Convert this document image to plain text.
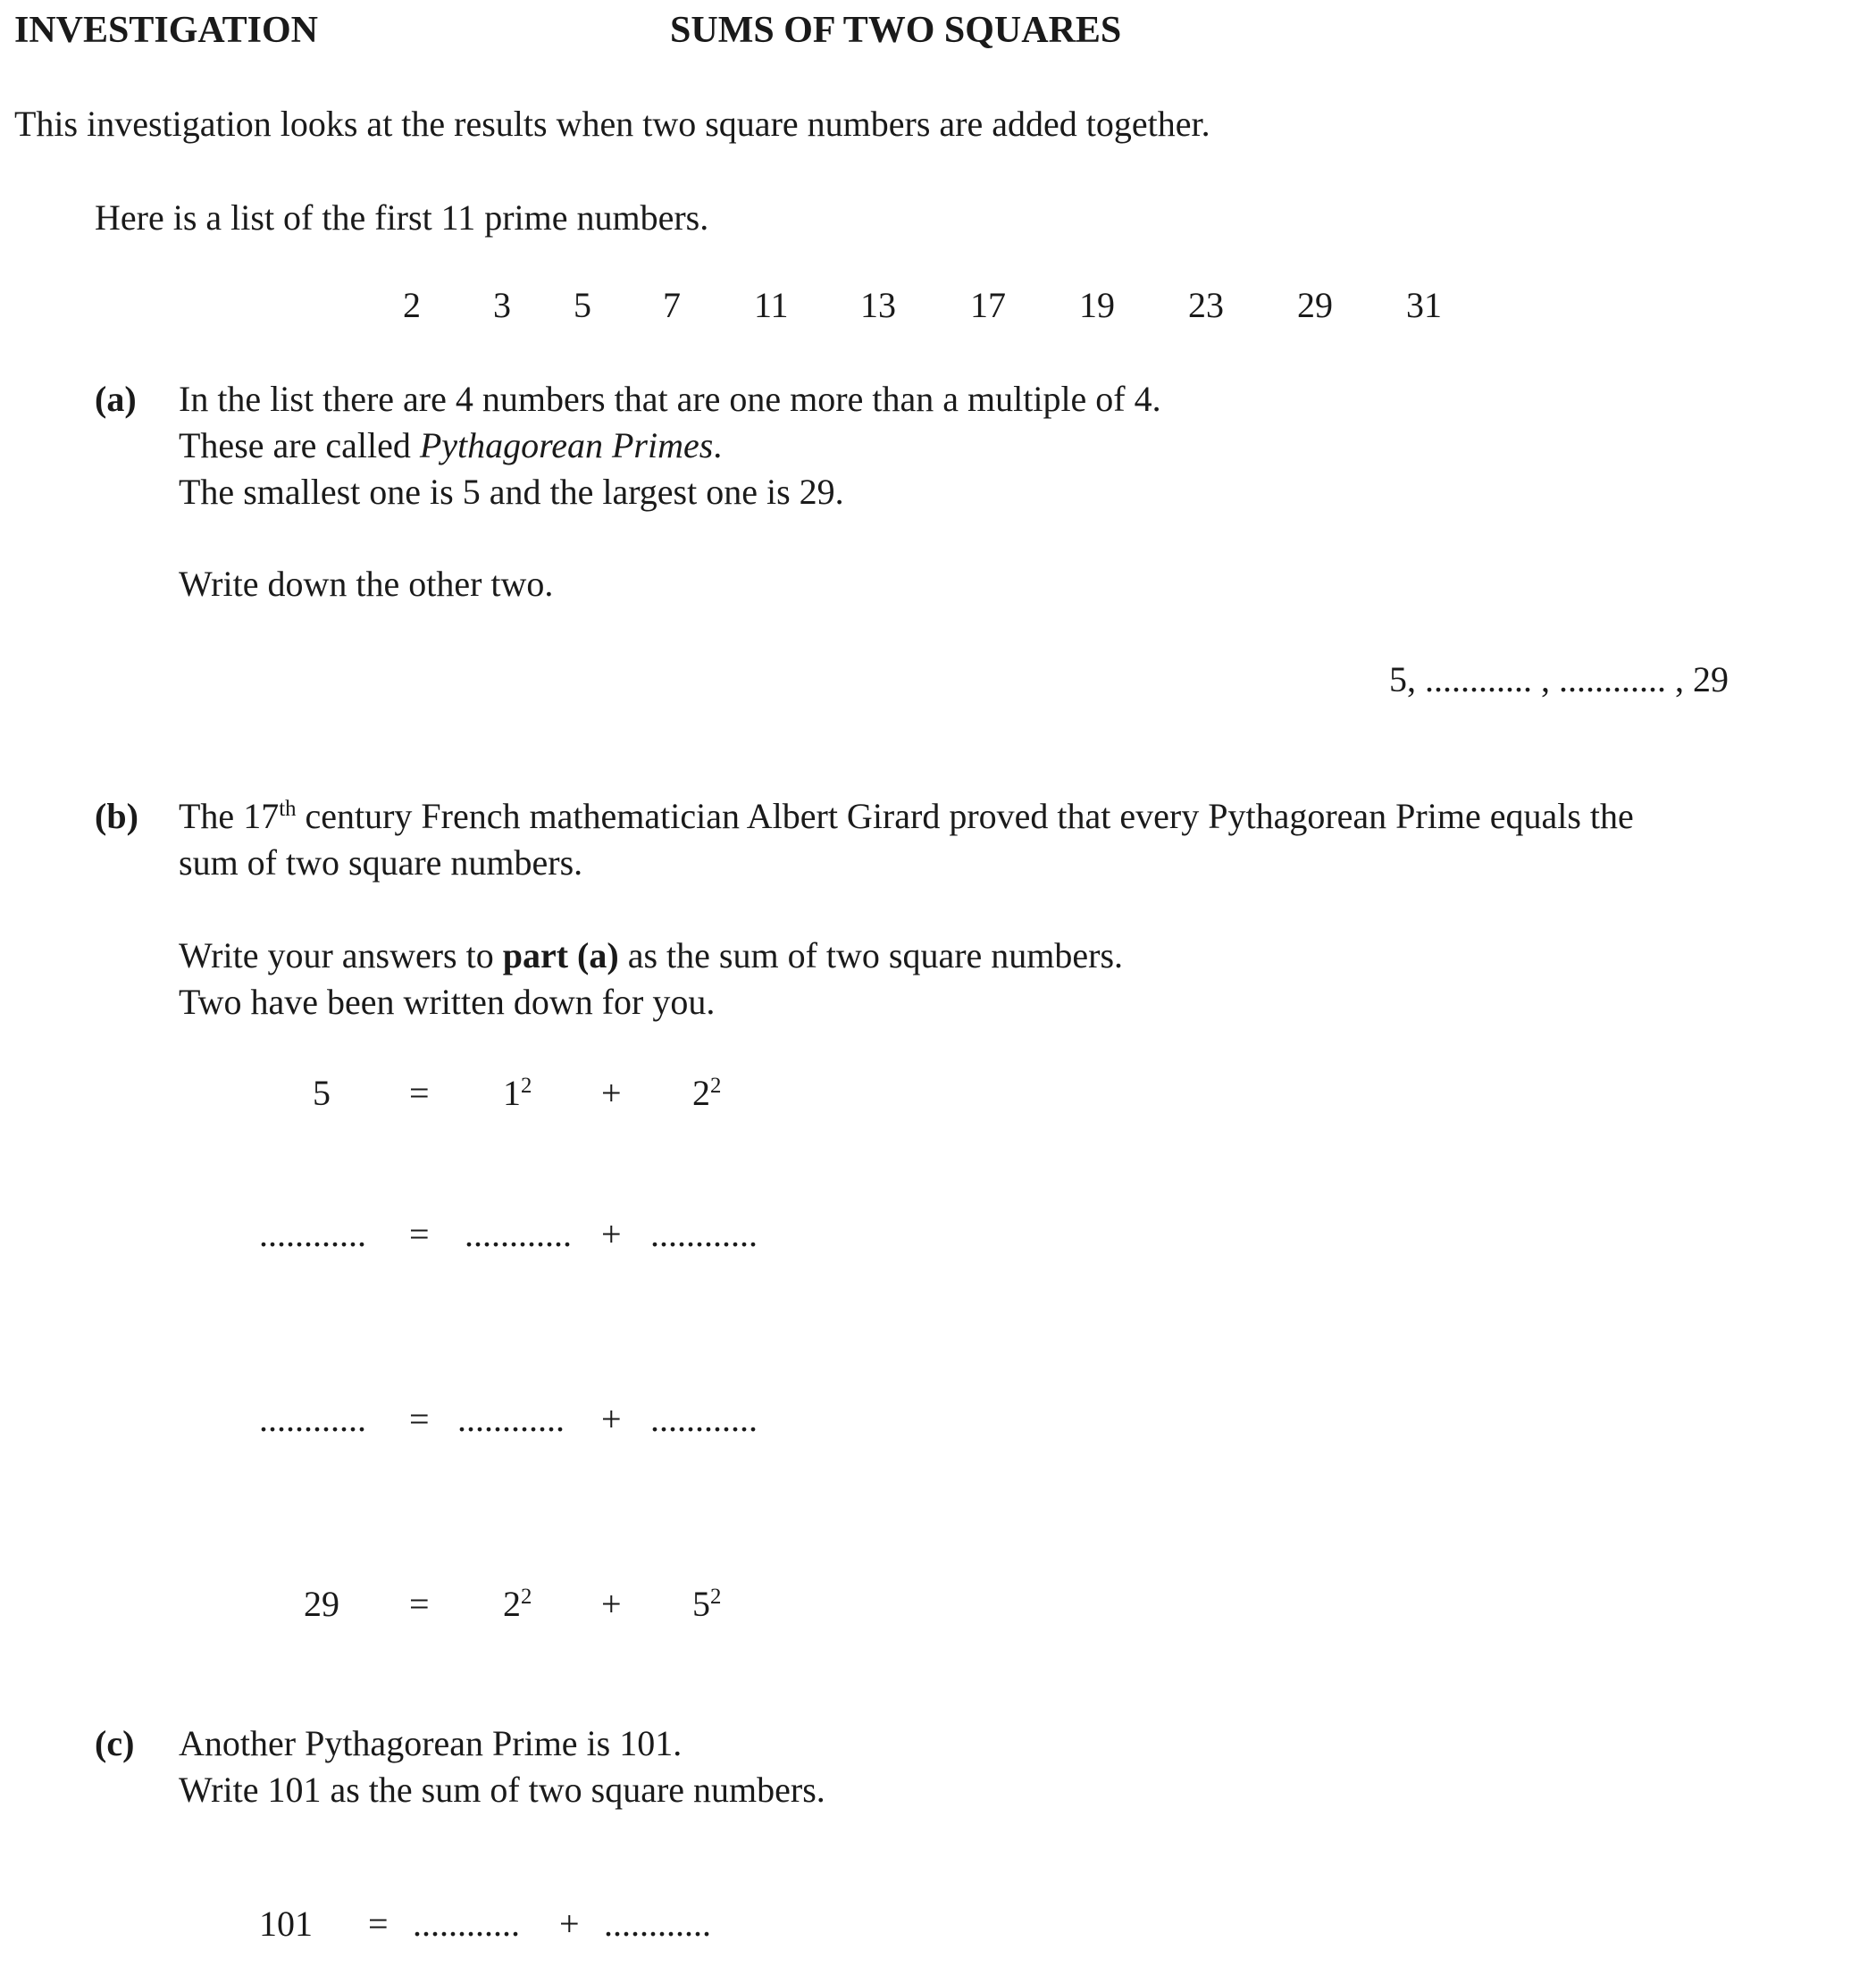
INVESTIGATION	SUMS OF TWO SQUARES
This investigation looks at the results when two square numbers are added together.
Here is a list of the first 11 prime numbers.
2 3 5 7 11 13 17 19 23 29 31
(a) In the list there are 4 numbers that are one more than a multiple of 4.
These are called Pythagorean Primes.
The smallest one is 5 and the largest one is 29.
Write down the other two.
5, ............ , ............ , 29
(b) The 17th century French mathematician Albert Girard proved that every Pythagorean Prime equals the
sum of two square numbers.
Write your answers to part (a) as the sum of two square numbers.
Two have been written down for you.
$5 = 1^2 + 2^2$
............ = ............ + ............
............ = ............ + ............
$29 = 2^2 + 5^2$
(c) Another Pythagorean Prime is 101.
Write 101 as the sum of two square numbers.
101 = ............ + ............
